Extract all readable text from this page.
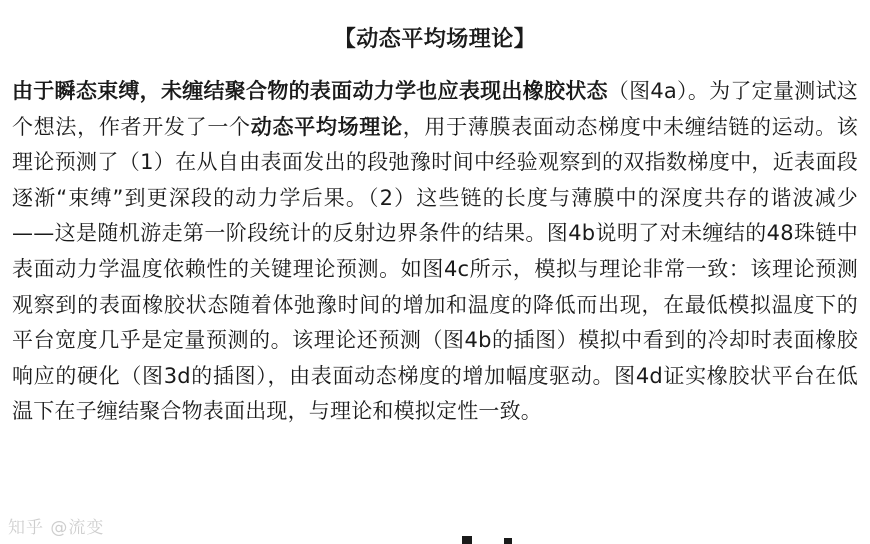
【动态平均场理论】

由于瞬态束缚，未缠结聚合物的表面动力学也应表现出橡胶状态（图4a）。为了定量测试这个想法，作者开发了一个动态平均场理论，用于薄膜表面动态梯度中未缠结链的运动。该理论预测了（1）在从自由表面发出的段弛豫时间中经验观察到的双指数梯度中，近表面段逐渐“束缚”到更深段的动力学后果。（2）这些链的长度与薄膜中的深度共存的谐波减少——这是随机游走第一阶段统计的反射边界条件的结果。图4b说明了对未缠结的48珠链中表面动力学温度依赖性的关键理论预测。如图4c所示，模拟与理论非常一致：该理论预测观察到的表面橡胶状态随着体弛豫时间的增加和温度的降低而出现，在最低模拟温度下的平台宽度几乎是定量预测的。该理论还预测（图4b的插图）模拟中看到的冷却时表面橡胶响应的硬化（图3d的插图），由表面动态梯度的增加幅度驱动。图4d证实橡胶状平台在低温下在子缠结聚合物表面出现，与理论和模拟定性一致。

知乎 @流变
